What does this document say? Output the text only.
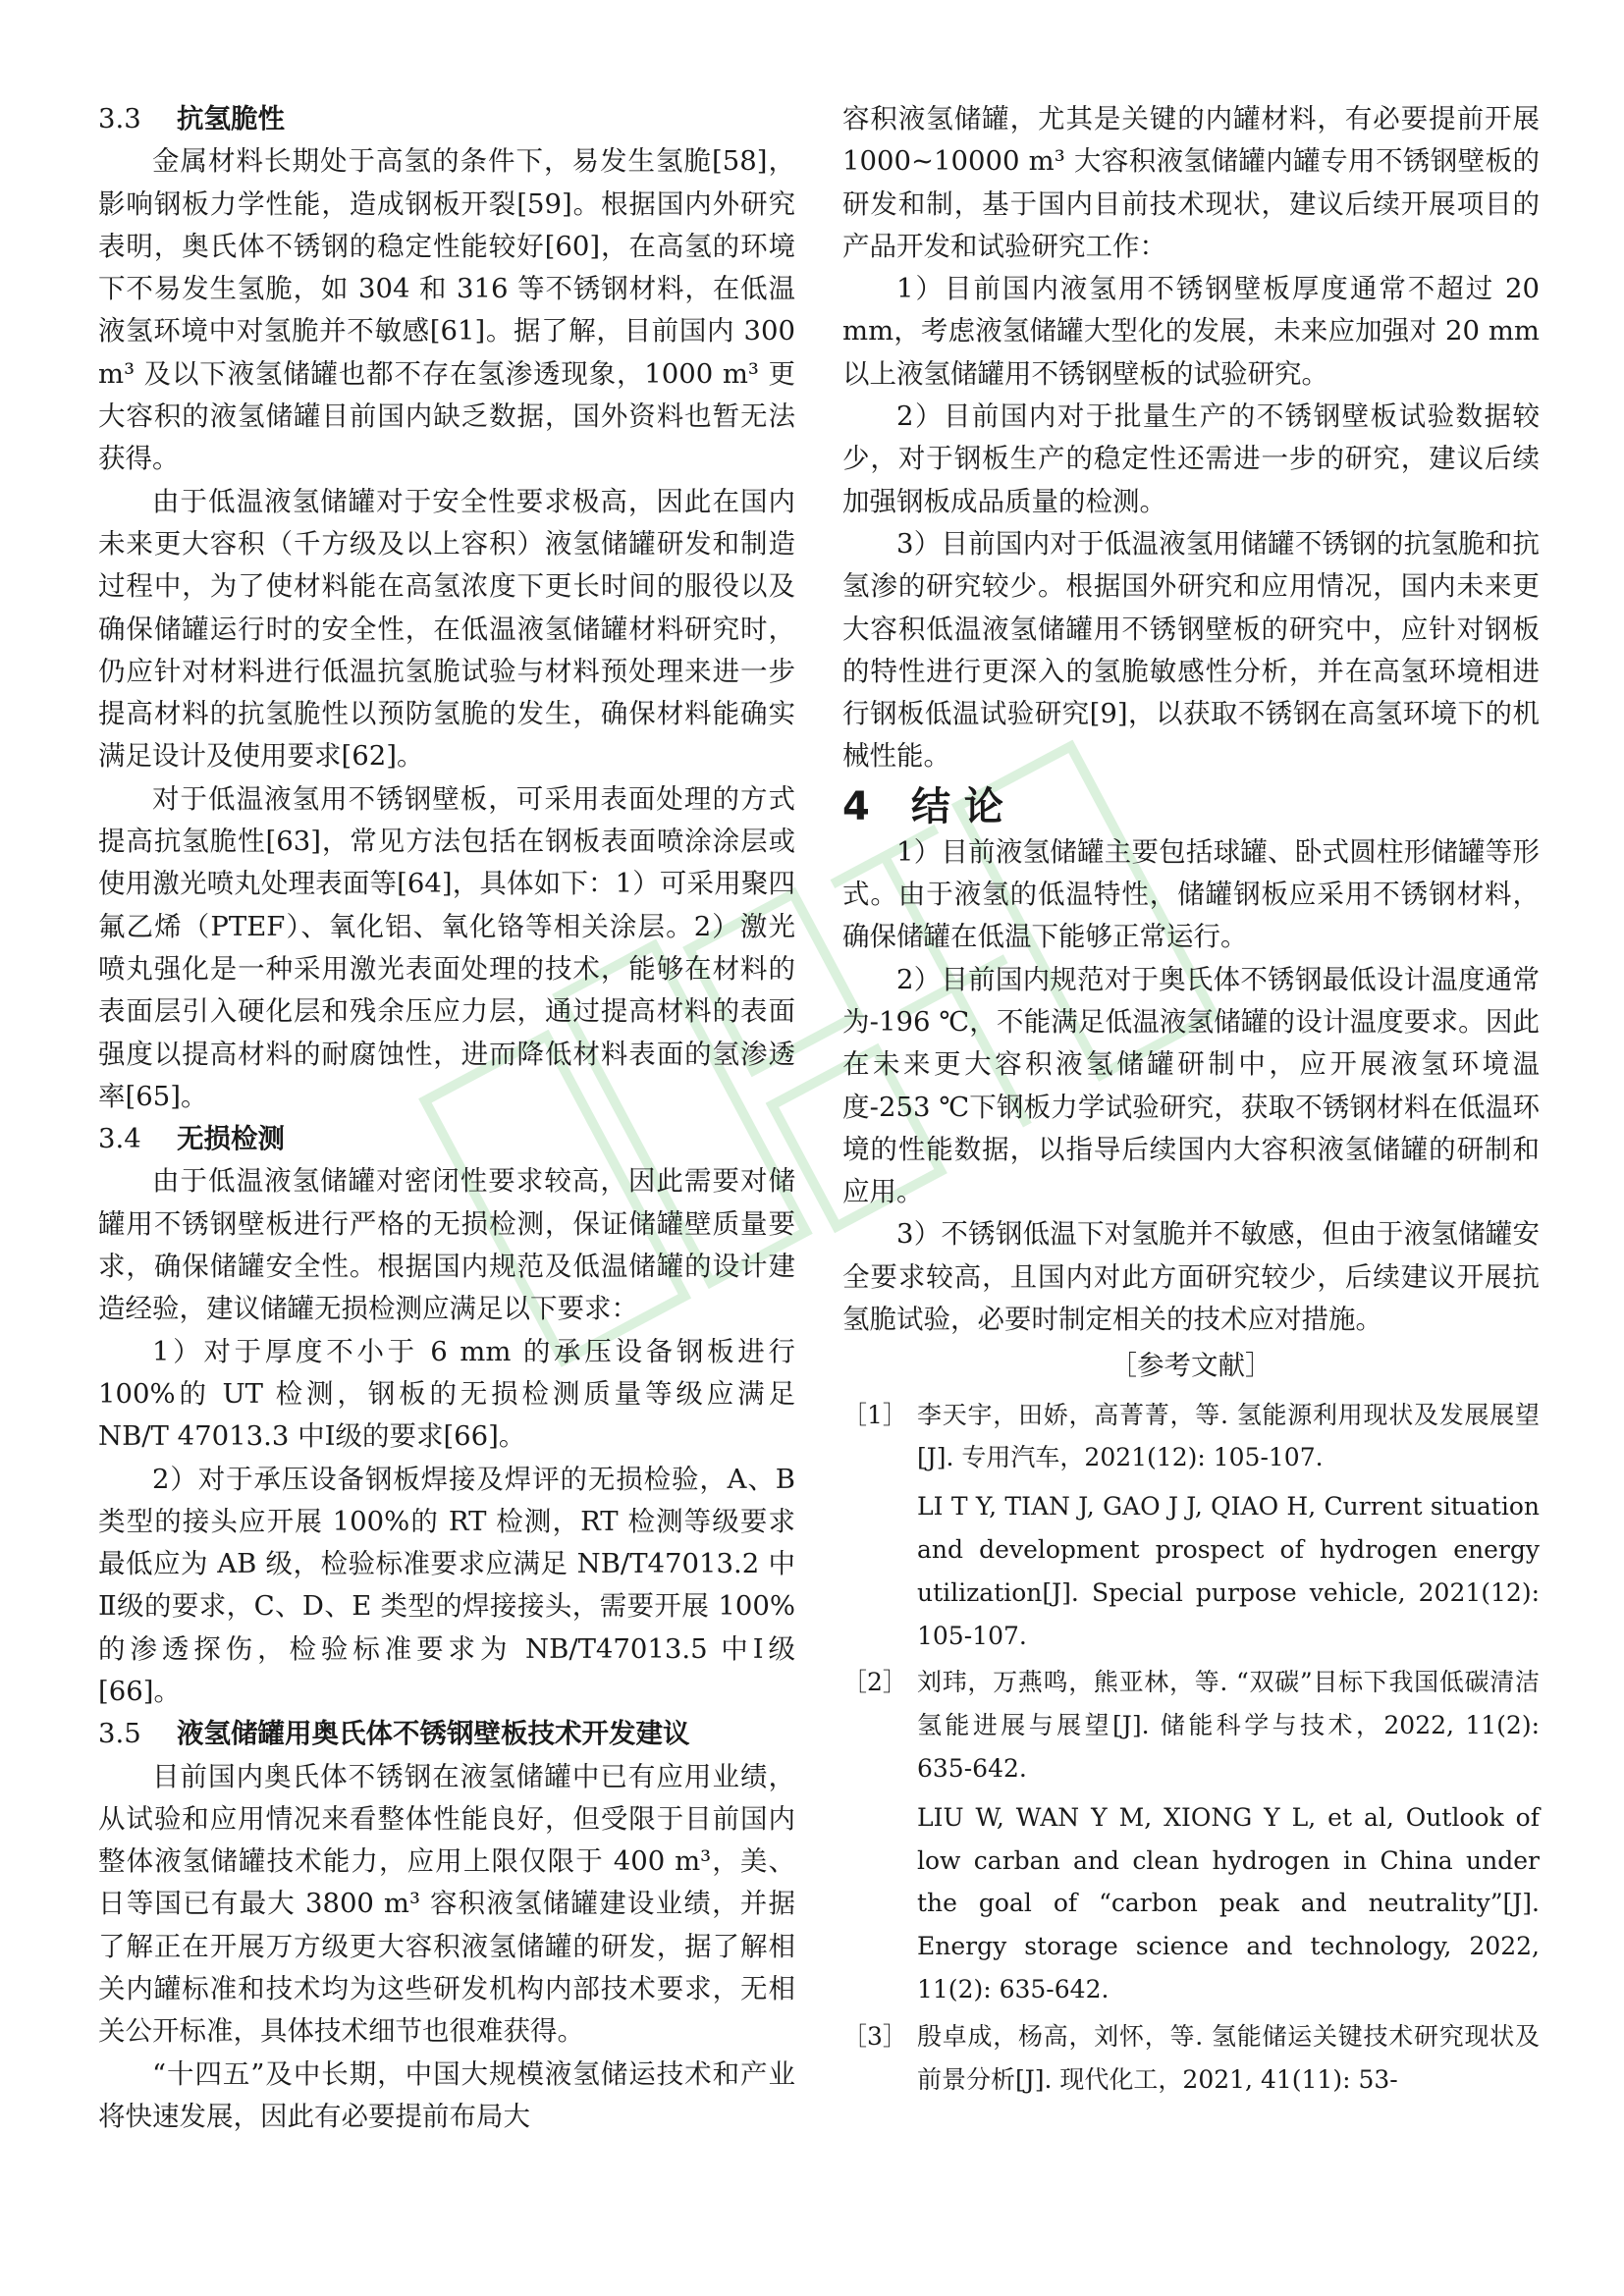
3.3 抗氢脆性

金属材料长期处于高氢的条件下，易发生氢脆[58]，影响钢板力学性能，造成钢板开裂[59]。根据国内外研究表明，奥氏体不锈钢的稳定性能较好[60]，在高氢的环境下不易发生氢脆，如 304 和 316 等不锈钢材料，在低温液氢环境中对氢脆并不敏感[61]。据了解，目前国内 300 m³ 及以下液氢储罐也都不存在氢渗透现象，1000 m³ 更大容积的液氢储罐目前国内缺乏数据，国外资料也暂无法获得。

由于低温液氢储罐对于安全性要求极高，因此在国内未来更大容积（千方级及以上容积）液氢储罐研发和制造过程中，为了使材料能在高氢浓度下更长时间的服役以及确保储罐运行时的安全性，在低温液氢储罐材料研究时，仍应针对材料进行低温抗氢脆试验与材料预处理来进一步提高材料的抗氢脆性以预防氢脆的发生，确保材料能确实满足设计及使用要求[62]。

对于低温液氢用不锈钢壁板，可采用表面处理的方式提高抗氢脆性[63]，常见方法包括在钢板表面喷涂涂层或使用激光喷丸处理表面等[64]，具体如下：1）可采用聚四氟乙烯（PTEF）、氧化铝、氧化铬等相关涂层。2）激光喷丸强化是一种采用激光表面处理的技术，能够在材料的表面层引入硬化层和残余压应力层，通过提高材料的表面强度以提高材料的耐腐蚀性，进而降低材料表面的氢渗透率[65]。

3.4 无损检测

由于低温液氢储罐对密闭性要求较高，因此需要对储罐用不锈钢壁板进行严格的无损检测，保证储罐壁质量要求，确保储罐安全性。根据国内规范及低温储罐的设计建造经验，建议储罐无损检测应满足以下要求：

1）对于厚度不小于 6 mm 的承压设备钢板进行 100%的 UT 检测，钢板的无损检测质量等级应满足 NB/T 47013.3 中Ⅰ级的要求[66]。

2）对于承压设备钢板焊接及焊评的无损检验，A、B 类型的接头应开展 100%的 RT 检测，RT 检测等级要求最低应为 AB 级，检验标准要求应满足 NB/T47013.2 中Ⅱ级的要求，C、D、E 类型的焊接接头，需要开展 100%的渗透探伤，检验标准要求为 NB/T47013.5 中Ⅰ级[66]。

3.5 液氢储罐用奥氏体不锈钢壁板技术开发建议

目前国内奥氏体不锈钢在液氢储罐中已有应用业绩，从试验和应用情况来看整体性能良好，但受限于目前国内整体液氢储罐技术能力，应用上限仅限于 400 m³，美、日等国已有最大 3800 m³ 容积液氢储罐建设业绩，并据了解正在开展万方级更大容积液氢储罐的研发，据了解相关内罐标准和技术均为这些研发机构内部技术要求，无相关公开标准，具体技术细节也很难获得。

“十四五”及中长期，中国大规模液氢储运技术和产业将快速发展，因此有必要提前布局大

容积液氢储罐，尤其是关键的内罐材料，有必要提前开展 1000~10000 m³ 大容积液氢储罐内罐专用不锈钢壁板的研发和制，基于国内目前技术现状，建议后续开展项目的产品开发和试验研究工作：

1）目前国内液氢用不锈钢壁板厚度通常不超过 20 mm，考虑液氢储罐大型化的发展，未来应加强对 20 mm 以上液氢储罐用不锈钢壁板的试验研究。

2）目前国内对于批量生产的不锈钢壁板试验数据较少，对于钢板生产的稳定性还需进一步的研究，建议后续加强钢板成品质量的检测。

3）目前国内对于低温液氢用储罐不锈钢的抗氢脆和抗氢渗的研究较少。根据国外研究和应用情况，国内未来更大容积低温液氢储罐用不锈钢壁板的研究中，应针对钢板的特性进行更深入的氢脆敏感性分析，并在高氢环境相进行钢板低温试验研究[9]，以获取不锈钢在高氢环境下的机械性能。

4 结 论

1）目前液氢储罐主要包括球罐、卧式圆柱形储罐等形式。由于液氢的低温特性，储罐钢板应采用不锈钢材料，确保储罐在低温下能够正常运行。

2）目前国内规范对于奥氏体不锈钢最低设计温度通常为-196 ℃，不能满足低温液氢储罐的设计温度要求。因此在未来更大容积液氢储罐研制中，应开展液氢环境温度-253 ℃下钢板力学试验研究，获取不锈钢材料在低温环境的性能数据，以指导后续国内大容积液氢储罐的研制和应用。

3）不锈钢低温下对氢脆并不敏感，但由于液氢储罐安全要求较高，且国内对此方面研究较少，后续建议开展抗氢脆试验，必要时制定相关的技术应对措施。

［参考文献］
［1］ 李天宇，田娇，高菁菁，等. 氢能源利用现状及发展展望[J]. 专用汽车，2021(12): 105-107.
LI T Y, TIAN J, GAO J J, QIAO H, Current situation and development prospect of hydrogen energy utilization[J]. Special purpose vehicle, 2021(12): 105-107.
［2］ 刘玮，万燕鸣，熊亚林，等. “双碳”目标下我国低碳清洁氢能进展与展望[J]. 储能科学与技术，2022, 11(2): 635-642.
LIU W, WAN Y M, XIONG Y L, et al, Outlook of low carban and clean hydrogen in China under the goal of “carbon peak and neutrality”[J]. Energy storage science and technology, 2022, 11(2): 635-642.
［3］ 殷卓成，杨高，刘怀，等. 氢能储运关键技术研究现状及前景分析[J]. 现代化工，2021, 41(11): 53-
